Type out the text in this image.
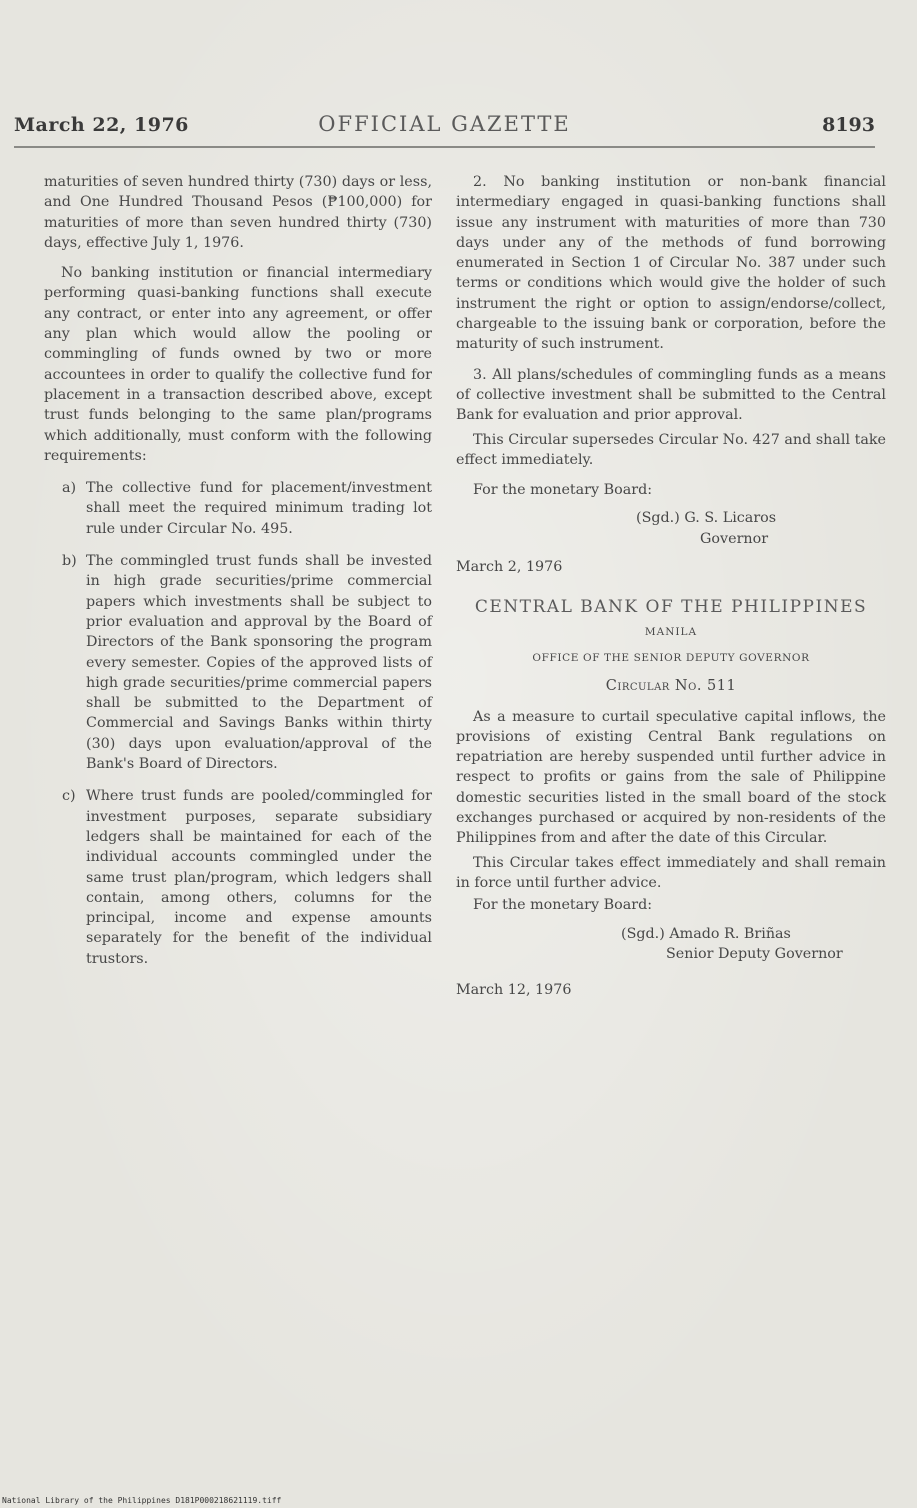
March 22, 1976	OFFICIAL GAZETTE	8193

maturities of seven hundred thirty (730) days or less, and One Hundred Thousand Pesos (₱100,000) for maturities of more than seven hundred thirty (730) days, effective July 1, 1976.

No banking institution or financial intermediary performing quasi-banking functions shall execute any contract, or enter into any agreement, or offer any plan which would allow the pooling or commingling of funds owned by two or more accountees in order to qualify the collective fund for placement in a transaction described above, except trust funds belonging to the same plan/programs which additionally, must conform with the following requirements:

a) The collective fund for placement/investment shall meet the required minimum trading lot rule under Circular No. 495.
b) The commingled trust funds shall be invested in high grade securities/prime commercial papers which investments shall be subject to prior evaluation and approval by the Board of Directors of the Bank sponsoring the program every semester. Copies of the approved lists of high grade securities/prime commercial papers shall be submitted to the Department of Commercial and Savings Banks within thirty (30) days upon evaluation/approval of the Bank's Board of Directors.
c) Where trust funds are pooled/commingled for investment purposes, separate subsidiary ledgers shall be maintained for each of the individual accounts commingled under the same trust plan/program, which ledgers shall contain, among others, columns for the principal, income and expense amounts separately for the benefit of the individual trustors.

2. No banking institution or non-bank financial intermediary engaged in quasi-banking functions shall issue any instrument with maturities of more than 730 days under any of the methods of fund borrowing enumerated in Section 1 of Circular No. 387 under such terms or conditions which would give the holder of such instrument the right or option to assign/endorse/collect, chargeable to the issuing bank or corporation, before the maturity of such instrument.

3. All plans/schedules of commingling funds as a means of collective investment shall be submitted to the Central Bank for evaluation and prior approval.

This Circular supersedes Circular No. 427 and shall take effect immediately.

For the monetary Board:

(Sgd.) G. S. Licaros
Governor
March 2, 1976
CENTRAL BANK OF THE PHILIPPINES
MANILA
OFFICE OF THE SENIOR DEPUTY GOVERNOR
Circular No. 511

As a measure to curtail speculative capital inflows, the provisions of existing Central Bank regulations on repatriation are hereby suspended until further advice in respect to profits or gains from the sale of Philippine domestic securities listed in the small board of the stock exchanges purchased or acquired by non-residents of the Philippines from and after the date of this Circular.

This Circular takes effect immediately and shall remain in force until further advice.

For the monetary Board:

(Sgd.) Amado R. Briñas
Senior Deputy Governor
March 12, 1976
National Library of the Philippines D181P000218621119.tiff
